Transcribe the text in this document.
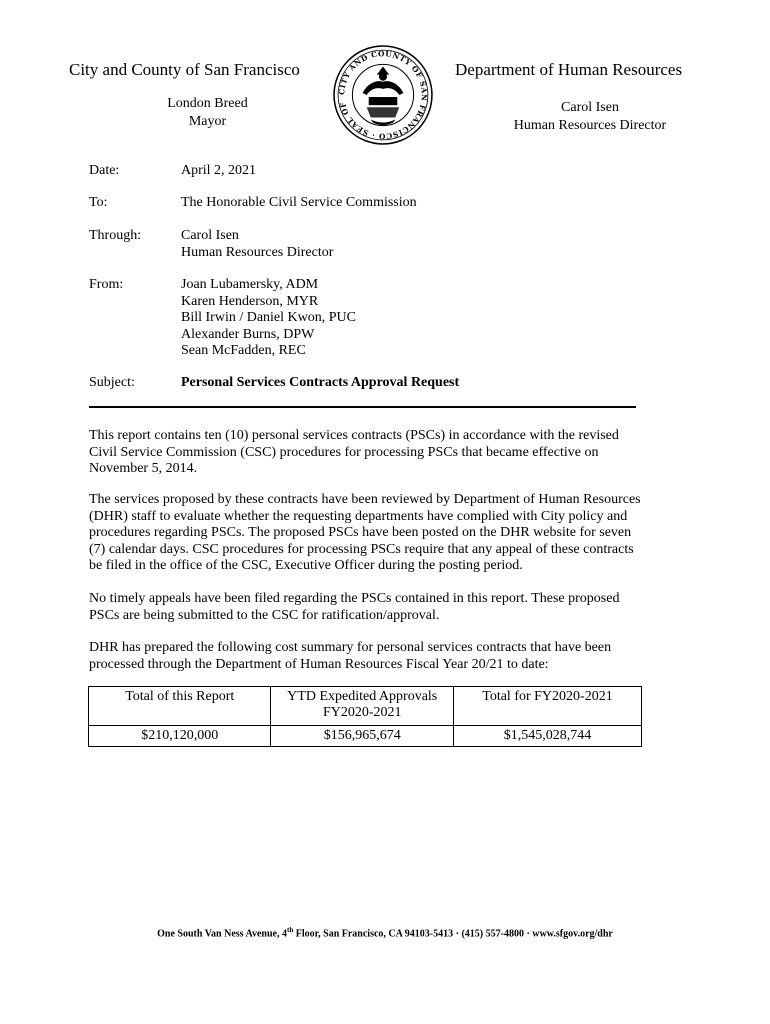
City and County of San Francisco	Department of Human Resources
London Breed
Mayor
Carol Isen
Human Resources Director
CITY AND COUNTY OF SAN FRANCISCO · SEAL OF
Date:	April 2, 2021
To:	The Honorable Civil Service Commission
Through:	Carol Isen
Human Resources Director
From:	Joan Lubamersky, ADM
Karen Henderson, MYR
Bill Irwin / Daniel Kwon, PUC
Alexander Burns, DPW
Sean McFadden, REC
Subject:	Personal Services Contracts Approval Request
This report contains ten (10) personal services contracts (PSCs) in accordance with the revised Civil Service Commission (CSC) procedures for processing PSCs that became effective on November 5, 2014.
The services proposed by these contracts have been reviewed by Department of Human Resources (DHR) staff to evaluate whether the requesting departments have complied with City policy and procedures regarding PSCs. The proposed PSCs have been posted on the DHR website for seven (7) calendar days. CSC procedures for processing PSCs require that any appeal of these contracts be filed in the office of the CSC, Executive Officer during the posting period.
No timely appeals have been filed regarding the PSCs contained in this report. These proposed PSCs are being submitted to the CSC for ratification/approval.
DHR has prepared the following cost summary for personal services contracts that have been processed through the Department of Human Resources Fiscal Year 20/21 to date:
Total of this Report	YTD Expedited Approvals FY2020-2021	Total for FY2020-2021
$210,120,000	$156,965,674	$1,545,028,744
One South Van Ness Avenue, 4th Floor, San Francisco, CA 94103-5413 · (415) 557-4800 · www.sfgov.org/dhr
